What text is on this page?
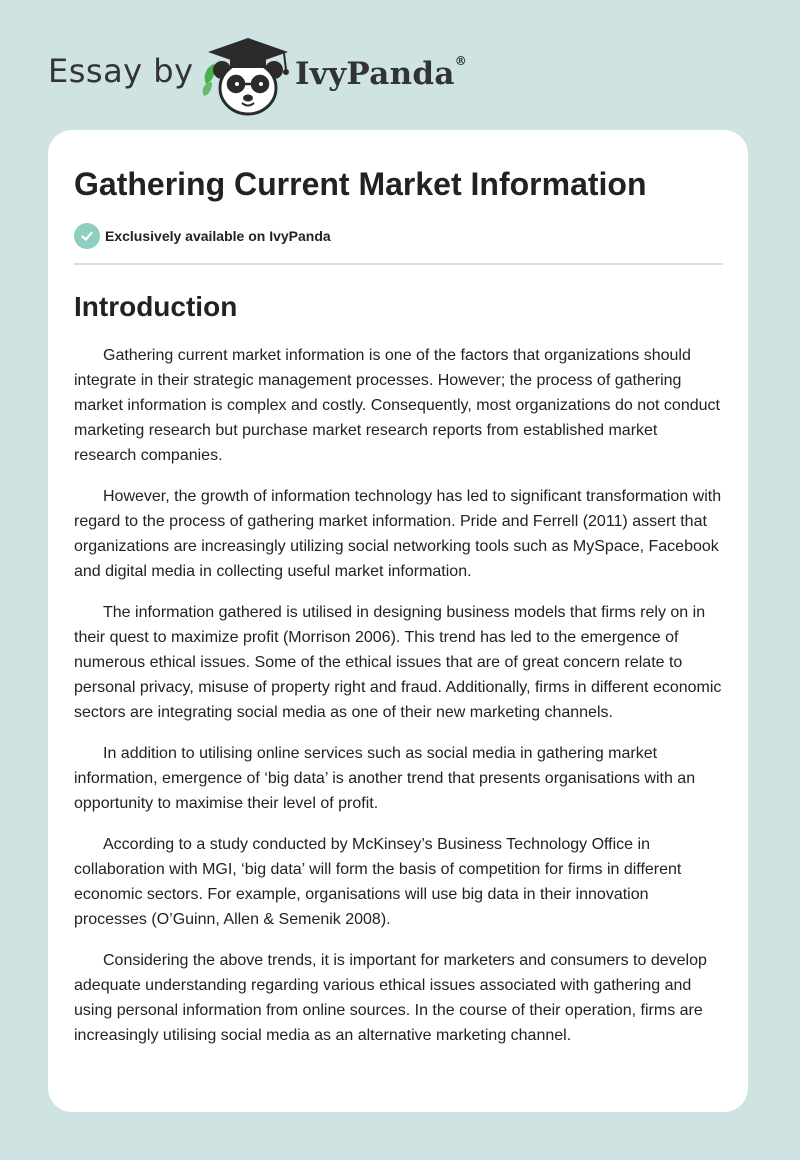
Essay by	IvyPanda®
Gathering Current Market Information
Exclusively available on IvyPanda
Introduction

Gathering current market information is one of the factors that organizations should integrate in their strategic management processes. However; the process of gathering market information is complex and costly. Consequently, most organizations do not conduct marketing research but purchase market research reports from established market research companies.

However, the growth of information technology has led to significant transformation with regard to the process of gathering market information. Pride and Ferrell (2011) assert that organizations are increasingly utilizing social networking tools such as MySpace, Facebook and digital media in collecting useful market information.

The information gathered is utilised in designing business models that firms rely on in their quest to maximize profit (Morrison 2006). This trend has led to the emergence of numerous ethical issues. Some of the ethical issues that are of great concern relate to personal privacy, misuse of property right and fraud. Additionally, firms in different economic sectors are integrating social media as one of their new marketing channels.

In addition to utilising online services such as social media in gathering market information, emergence of ‘big data’ is another trend that presents organisations with an opportunity to maximise their level of profit.

According to a study conducted by McKinsey’s Business Technology Office in collaboration with MGI, ‘big data’ will form the basis of competition for firms in different economic sectors. For example, organisations will use big data in their innovation processes (O’Guinn, Allen & Semenik 2008).

Considering the above trends, it is important for marketers and consumers to develop adequate understanding regarding various ethical issues associated with gathering and using personal information from online sources. In the course of their operation, firms are increasingly utilising social media as an alternative marketing channel.
